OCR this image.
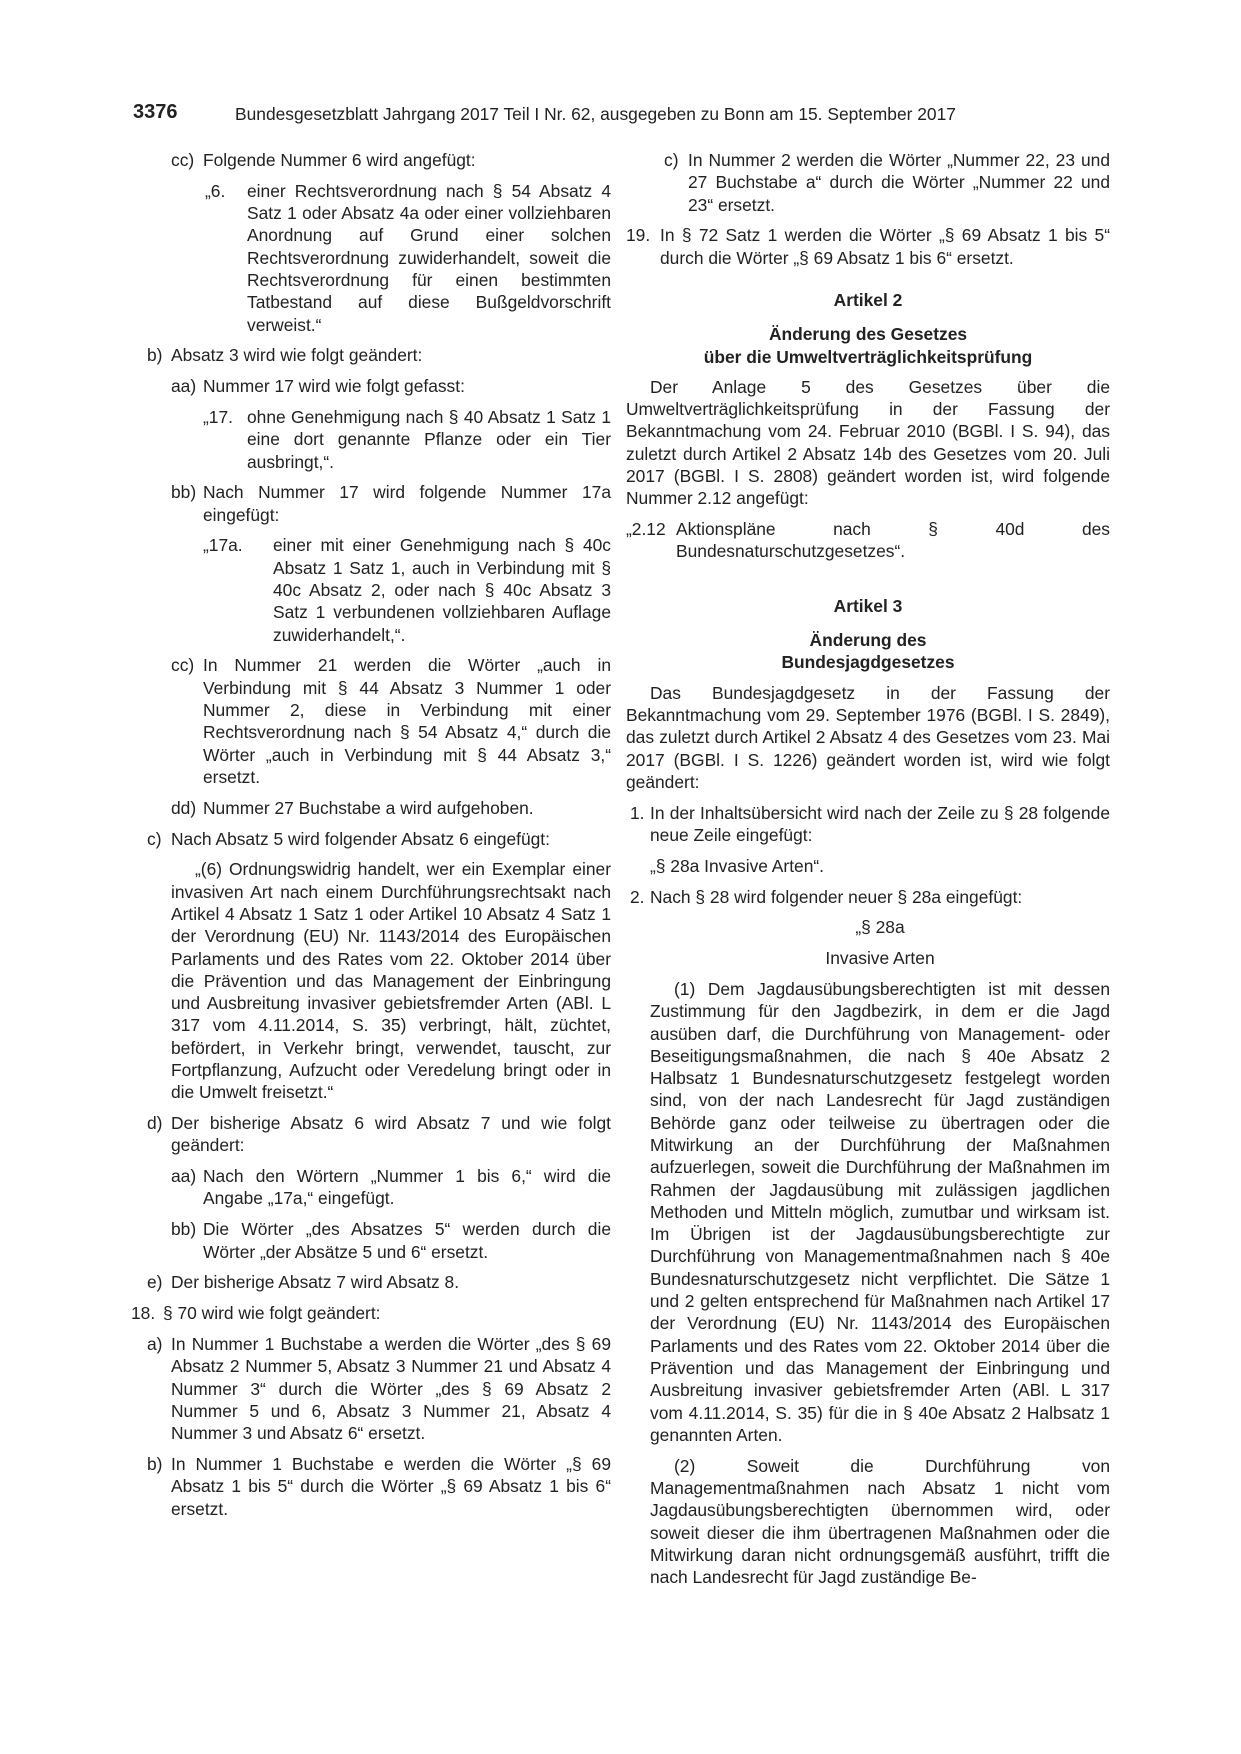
3376	Bundesgesetzblatt Jahrgang 2017 Teil I Nr. 62, ausgegeben zu Bonn am 15. September 2017
cc) Folgende Nummer 6 wird angefügt:
„6. einer Rechtsverordnung nach § 54 Absatz 4 Satz 1 oder Absatz 4a oder einer vollziehbaren Anordnung auf Grund einer solchen Rechtsverordnung zuwiderhandelt, soweit die Rechtsverordnung für einen bestimmten Tatbestand auf diese Bußgeldvorschrift verweist.“
b) Absatz 3 wird wie folgt geändert:
aa) Nummer 17 wird wie folgt gefasst:
„17. ohne Genehmigung nach § 40 Absatz 1 Satz 1 eine dort genannte Pflanze oder ein Tier ausbringt,“.
bb) Nach Nummer 17 wird folgende Nummer 17a eingefügt:
„17a. einer mit einer Genehmigung nach § 40c Absatz 1 Satz 1, auch in Verbindung mit § 40c Absatz 2, oder nach § 40c Absatz 3 Satz 1 verbundenen vollziehbaren Auflage zuwiderhandelt,“.
cc) In Nummer 21 werden die Wörter „auch in Verbindung mit § 44 Absatz 3 Nummer 1 oder Nummer 2, diese in Verbindung mit einer Rechtsverordnung nach § 54 Absatz 4,“ durch die Wörter „auch in Verbindung mit § 44 Absatz 3,“ ersetzt.
dd) Nummer 27 Buchstabe a wird aufgehoben.
c) Nach Absatz 5 wird folgender Absatz 6 eingefügt:
„(6) Ordnungswidrig handelt, wer ein Exemplar einer invasiven Art nach einem Durchführungsrechtsakt nach Artikel 4 Absatz 1 Satz 1 oder Artikel 10 Absatz 4 Satz 1 der Verordnung (EU) Nr. 1143/2014 des Europäischen Parlaments und des Rates vom 22. Oktober 2014 über die Prävention und das Management der Einbringung und Ausbreitung invasiver gebietsfremder Arten (ABl. L 317 vom 4.11.2014, S. 35) verbringt, hält, züchtet, befördert, in Verkehr bringt, verwendet, tauscht, zur Fortpflanzung, Aufzucht oder Veredelung bringt oder in die Umwelt freisetzt.“
d) Der bisherige Absatz 6 wird Absatz 7 und wie folgt geändert:
aa) Nach den Wörtern „Nummer 1 bis 6,“ wird die Angabe „17a,“ eingefügt.
bb) Die Wörter „des Absatzes 5“ werden durch die Wörter „der Absätze 5 und 6“ ersetzt.
e) Der bisherige Absatz 7 wird Absatz 8.
18. § 70 wird wie folgt geändert:
a) In Nummer 1 Buchstabe a werden die Wörter „des § 69 Absatz 2 Nummer 5, Absatz 3 Nummer 21 und Absatz 4 Nummer 3“ durch die Wörter „des § 69 Absatz 2 Nummer 5 und 6, Absatz 3 Nummer 21, Absatz 4 Nummer 3 und Absatz 6“ ersetzt.
b) In Nummer 1 Buchstabe e werden die Wörter „§ 69 Absatz 1 bis 5“ durch die Wörter „§ 69 Absatz 1 bis 6“ ersetzt.
c) In Nummer 2 werden die Wörter „Nummer 22, 23 und 27 Buchstabe a“ durch die Wörter „Nummer 22 und 23“ ersetzt.
19. In § 72 Satz 1 werden die Wörter „§ 69 Absatz 1 bis 5“ durch die Wörter „§ 69 Absatz 1 bis 6“ ersetzt.
Artikel 2
Änderung des Gesetzes
über die Umweltverträglichkeitsprüfung
Der Anlage 5 des Gesetzes über die Umweltverträglichkeitsprüfung in der Fassung der Bekanntmachung vom 24. Februar 2010 (BGBl. I S. 94), das zuletzt durch Artikel 2 Absatz 14b des Gesetzes vom 20. Juli 2017 (BGBl. I S. 2808) geändert worden ist, wird folgende Nummer 2.12 angefügt:
„2.12 Aktionspläne nach § 40d des Bundesnaturschutzgesetzes“.
Artikel 3
Änderung des
Bundesjagdgesetzes
Das Bundesjagdgesetz in der Fassung der Bekanntmachung vom 29. September 1976 (BGBl. I S. 2849), das zuletzt durch Artikel 2 Absatz 4 des Gesetzes vom 23. Mai 2017 (BGBl. I S. 1226) geändert worden ist, wird wie folgt geändert:
1. In der Inhaltsübersicht wird nach der Zeile zu § 28 folgende neue Zeile eingefügt:
„§ 28a Invasive Arten“.
2. Nach § 28 wird folgender neuer § 28a eingefügt:
„§ 28a
Invasive Arten
(1) Dem Jagdausübungsberechtigten ist mit dessen Zustimmung für den Jagdbezirk, in dem er die Jagd ausüben darf, die Durchführung von Management- oder Beseitigungsmaßnahmen, die nach § 40e Absatz 2 Halbsatz 1 Bundesnaturschutzgesetz festgelegt worden sind, von der nach Landesrecht für Jagd zuständigen Behörde ganz oder teilweise zu übertragen oder die Mitwirkung an der Durchführung der Maßnahmen aufzuerlegen, soweit die Durchführung der Maßnahmen im Rahmen der Jagdausübung mit zulässigen jagdlichen Methoden und Mitteln möglich, zumutbar und wirksam ist. Im Übrigen ist der Jagdausübungsberechtigte zur Durchführung von Managementmaßnahmen nach § 40e Bundesnaturschutzgesetz nicht verpflichtet. Die Sätze 1 und 2 gelten entsprechend für Maßnahmen nach Artikel 17 der Verordnung (EU) Nr. 1143/2014 des Europäischen Parlaments und des Rates vom 22. Oktober 2014 über die Prävention und das Management der Einbringung und Ausbreitung invasiver gebietsfremder Arten (ABl. L 317 vom 4.11.2014, S. 35) für die in § 40e Absatz 2 Halbsatz 1 genannten Arten.
(2) Soweit die Durchführung von Managementmaßnahmen nach Absatz 1 nicht vom Jagdausübungsberechtigten übernommen wird, oder soweit dieser die ihm übertragenen Maßnahmen oder die Mitwirkung daran nicht ordnungsgemäß ausführt, trifft die nach Landesrecht für Jagd zuständige Be-
